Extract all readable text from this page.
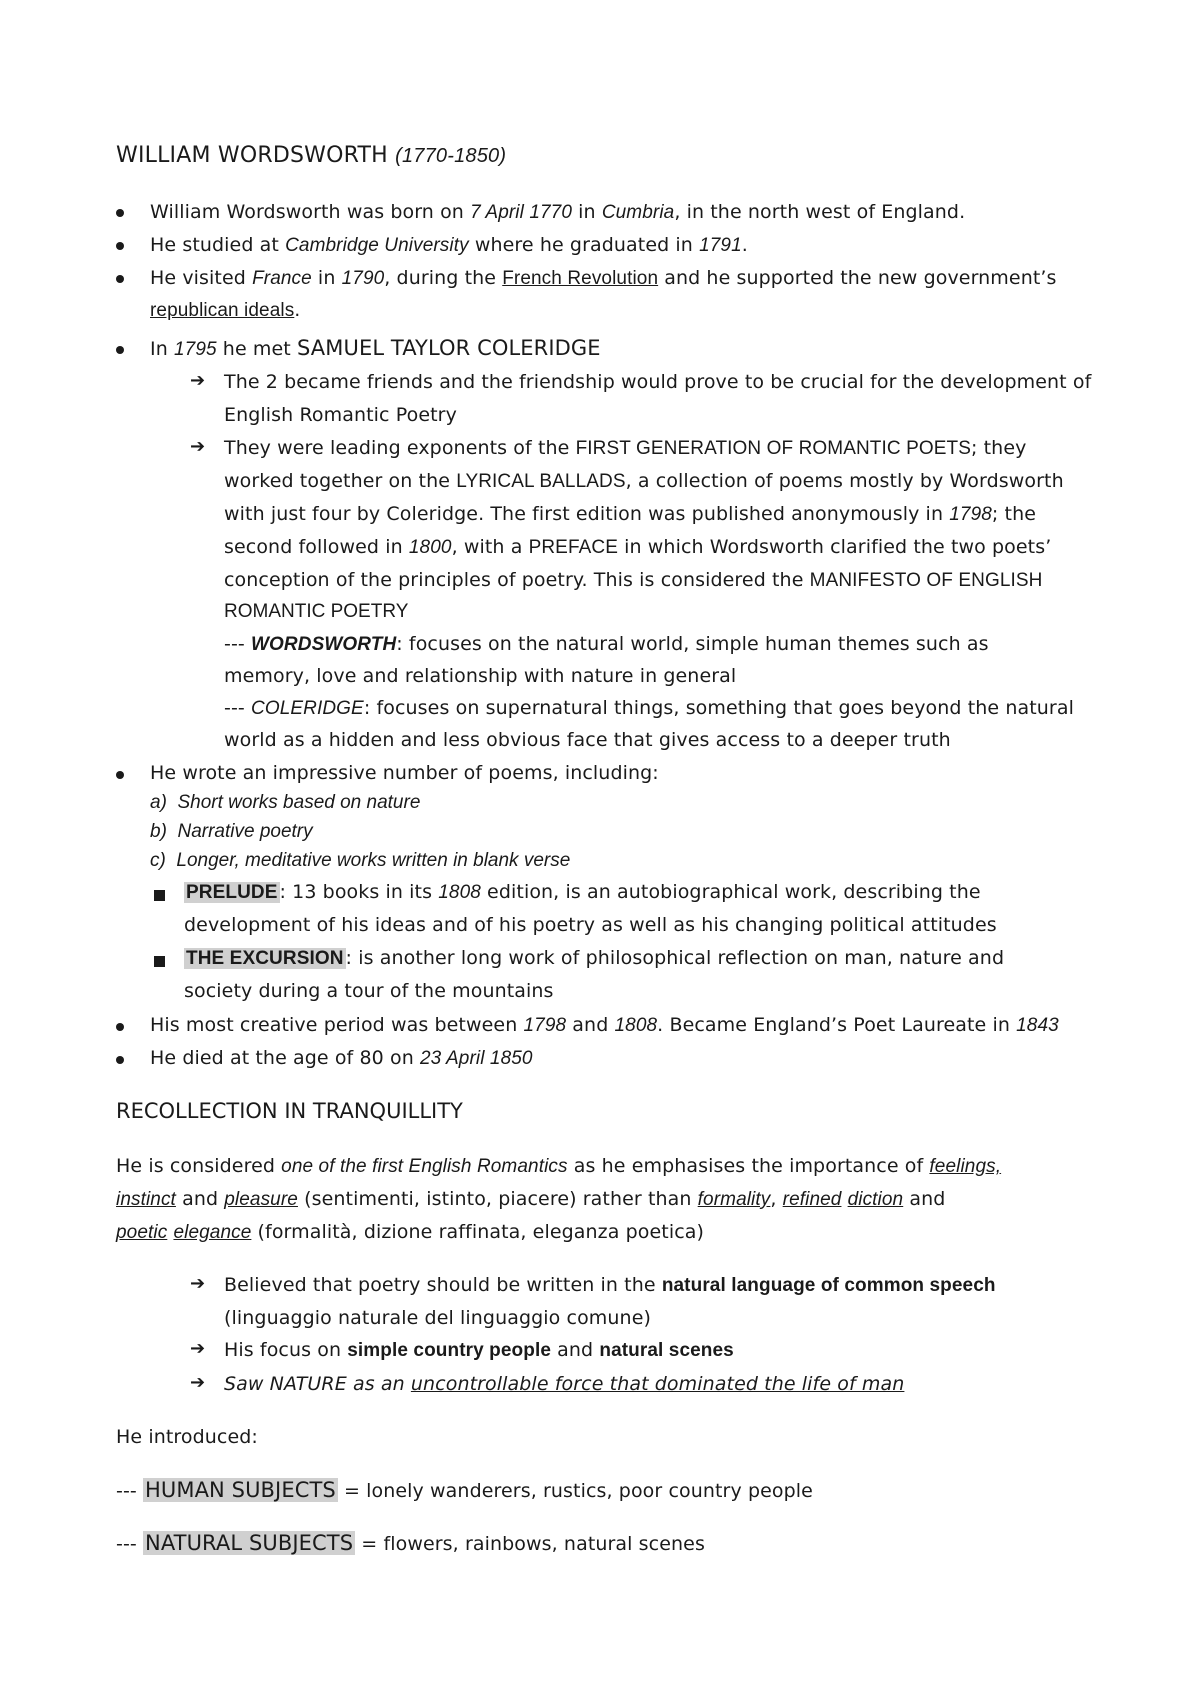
WILLIAM WORDSWORTH (1770-1850)
William Wordsworth was born on 7 April 1770 in Cumbria, in the north west of England.
He studied at Cambridge University where he graduated in 1791.
He visited France in 1790, during the French Revolution and he supported the new government’s
republican ideals.
In 1795 he met SAMUEL TAYLOR COLERIDGE
➔ The 2 became friends and the friendship would prove to be crucial for the development of
English Romantic Poetry
➔ They were leading exponents of the FIRST GENERATION OF ROMANTIC POETS; they
worked together on the LYRICAL BALLADS, a collection of poems mostly by Wordsworth
with just four by Coleridge. The first edition was published anonymously in 1798; the
second followed in 1800, with a PREFACE in which Wordsworth clarified the two poets’
conception of the principles of poetry. This is considered the MANIFESTO OF ENGLISH
ROMANTIC POETRY
--- WORDSWORTH: focuses on the natural world, simple human themes such as
memory, love and relationship with nature in general
--- COLERIDGE: focuses on supernatural things, something that goes beyond the natural
world as a hidden and less obvious face that gives access to a deeper truth
He wrote an impressive number of poems, including:
a) Short works based on nature
b) Narrative poetry
c) Longer, meditative works written in blank verse
PRELUDE : 13 books in its 1808 edition, is an autobiographical work, describing the
development of his ideas and of his poetry as well as his changing political attitudes
THE EXCURSION : is another long work of philosophical reflection on man, nature and
society during a tour of the mountains
His most creative period was between 1798 and 1808. Became England’s Poet Laureate in 1843
He died at the age of 80 on 23 April 1850
RECOLLECTION IN TRANQUILLITY
He is considered one of the first English Romantics as he emphasises the importance of feelings,
instinct and pleasure (sentimenti, istinto, piacere) rather than formality, refined diction and
poetic elegance (formalità, dizione raffinata, eleganza poetica)
➔ Believed that poetry should be written in the natural language of common speech
(linguaggio naturale del linguaggio comune)
➔ His focus on simple country people and natural scenes
➔ Saw NATURE as an uncontrollable force that dominated the life of man
He introduced:
--- HUMAN SUBJECTS = lonely wanderers, rustics, poor country people
--- NATURAL SUBJECTS = flowers, rainbows, natural scenes
